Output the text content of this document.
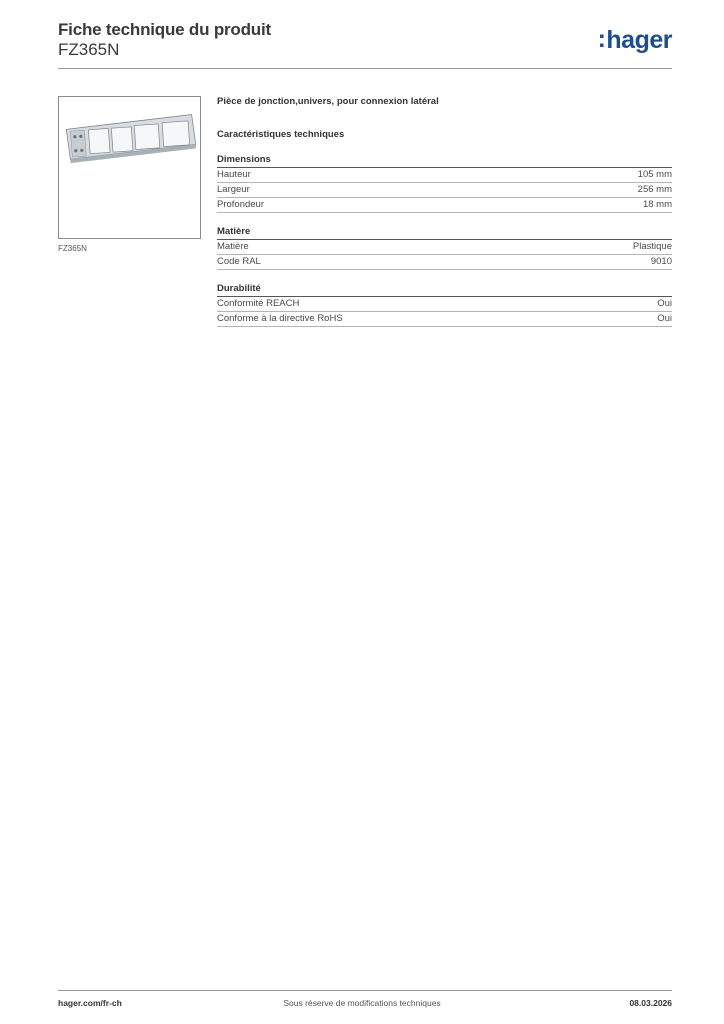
Fiche technique du produit
FZ365N	:hager
FZ365N

Pièce de jonction,univers, pour connexion latéral

Caractéristiques techniques

Dimensions
Hauteur	105 mm
Largeur	256 mm
Profondeur	18 mm
Matière
Matière	Plastique
Code RAL	9010
Durabilité
Conformité REACH	Oui
Conforme à la directive RoHS	Oui
hager.com/fr-ch	Sous réserve de modifications techniques	08.03.2026
